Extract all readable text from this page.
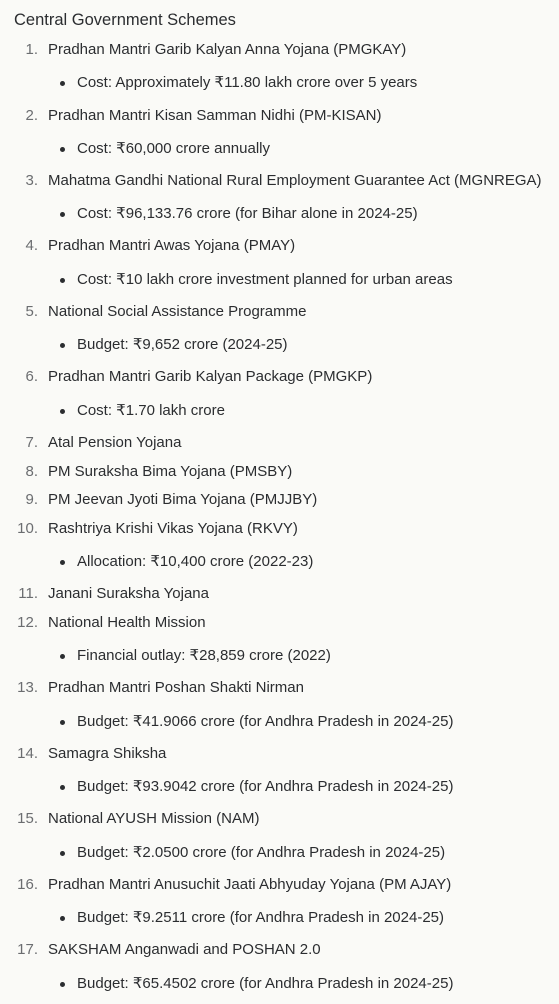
Central Government Schemes
1. Pradhan Mantri Garib Kalyan Anna Yojana (PMGKAY)
Cost: Approximately ₹11.80 lakh crore over 5 years
2. Pradhan Mantri Kisan Samman Nidhi (PM-KISAN)
Cost: ₹60,000 crore annually
3. Mahatma Gandhi National Rural Employment Guarantee Act (MGNREGA)
Cost: ₹96,133.76 crore (for Bihar alone in 2024-25)
4. Pradhan Mantri Awas Yojana (PMAY)
Cost: ₹10 lakh crore investment planned for urban areas
5. National Social Assistance Programme
Budget: ₹9,652 crore (2024-25)
6. Pradhan Mantri Garib Kalyan Package (PMGKP)
Cost: ₹1.70 lakh crore
7. Atal Pension Yojana
8. PM Suraksha Bima Yojana (PMSBY)
9. PM Jeevan Jyoti Bima Yojana (PMJJBY)
10. Rashtriya Krishi Vikas Yojana (RKVY)
Allocation: ₹10,400 crore (2022-23)
11. Janani Suraksha Yojana
12. National Health Mission
Financial outlay: ₹28,859 crore (2022)
13. Pradhan Mantri Poshan Shakti Nirman
Budget: ₹41.9066 crore (for Andhra Pradesh in 2024-25)
14. Samagra Shiksha
Budget: ₹93.9042 crore (for Andhra Pradesh in 2024-25)
15. National AYUSH Mission (NAM)
Budget: ₹2.0500 crore (for Andhra Pradesh in 2024-25)
16. Pradhan Mantri Anusuchit Jaati Abhyuday Yojana (PM AJAY)
Budget: ₹9.2511 crore (for Andhra Pradesh in 2024-25)
17. SAKSHAM Anganwadi and POSHAN 2.0
Budget: ₹65.4502 crore (for Andhra Pradesh in 2024-25)
